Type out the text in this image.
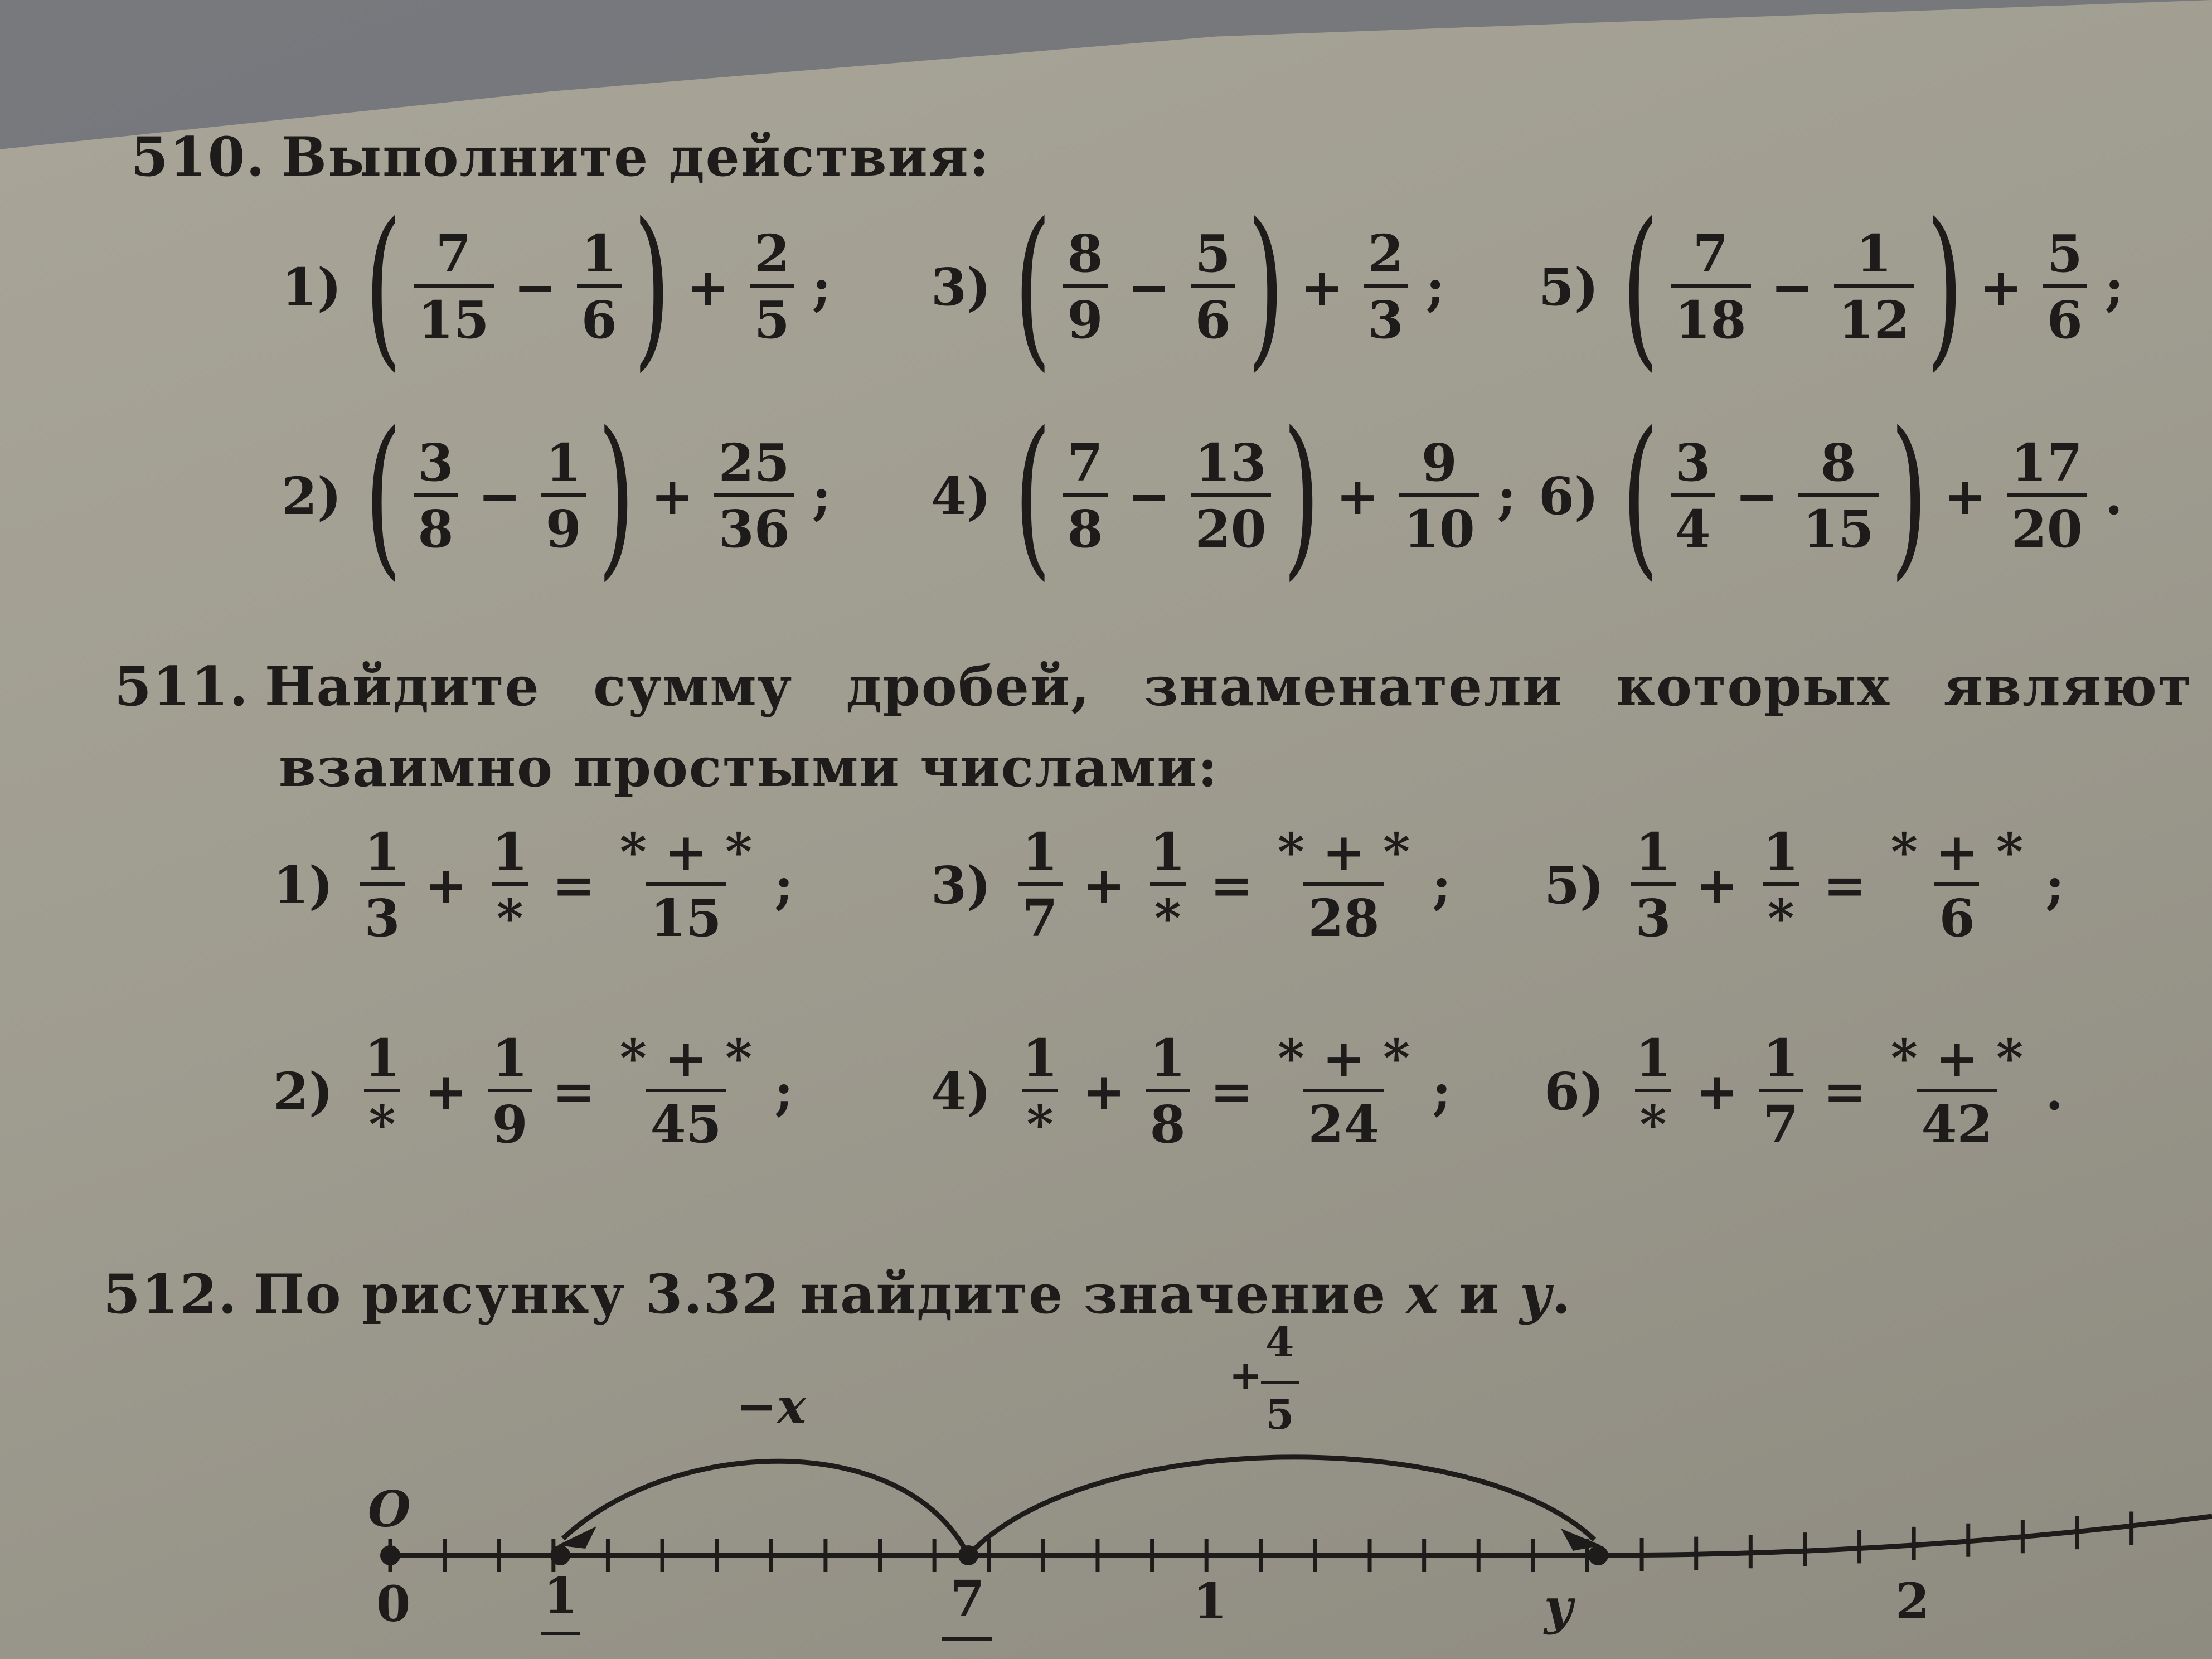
510. Выполните действия:
1) ( $\frac{7}{15} - \frac{1}{6}$ ) + $\frac{2}{5}$ ;
2) ( $\frac{3}{8} - \frac{1}{9}$ ) + $\frac{25}{36}$ ;
3) ( $\frac{8}{9} - \frac{5}{6}$ ) + $\frac{2}{3}$ ;
4) ( $\frac{7}{8} - \frac{13}{20}$ ) + $\frac{9}{10}$ ;
5) ( $\frac{7}{18} - \frac{1}{12}$ ) + $\frac{5}{6}$ ;
6) ( $\frac{3}{4} - \frac{8}{15}$ ) + $\frac{17}{20}$ .
511. Найдите сумму дробей, знаменатели которых являют
взаимно простыми числами:
$1) \frac{1}{3} + \frac{1}{*} = \frac{* + *}{15}$ ;
$2) \frac{1}{*} + \frac{1}{9} = \frac{* + *}{45}$ ;
$3) \frac{1}{7} + \frac{1}{*} = \frac{* + *}{28}$ ;
$4) \frac{1}{*} + \frac{1}{8} = \frac{* + *}{24}$ ;
$5) \frac{1}{3} + \frac{1}{*} = \frac{* + *}{6}$ ;
$6) \frac{1}{*} + \frac{1}{7} = \frac{* + *}{42}$ .
512. По рисунку 3.32 найдите значение x и y.
O
0	1	7	1	y	2
−x
+
4
5
